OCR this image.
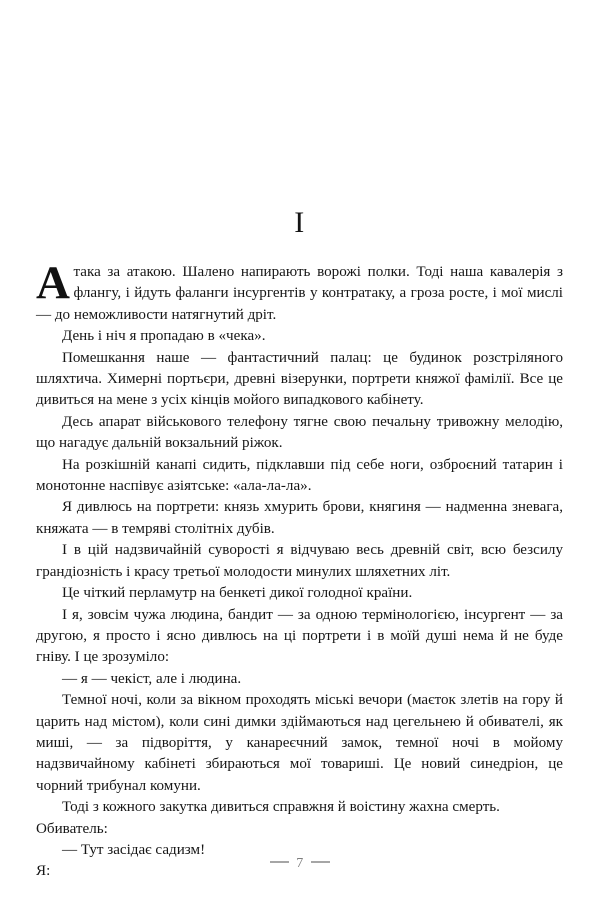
I

Атака за атакою. Шалено напирають ворожі полки. Тоді наша кавалерія з флангу, і йдуть фаланги інсургентів у контратаку, а гроза росте, і мої мислі — до неможливости натягнутий дріт.

День і ніч я пропадаю в «чека».

Помешкання наше — фантастичний палац: це будинок розстріляного шляхтича. Химерні портьєри, древні візерунки, портрети княжої фамілії. Все це дивиться на мене з усіх кінців мойого випадкового кабінету.

Десь апарат військового телефону тягне свою печальну тривожну мелодію, що нагадує дальній вокзальний ріжок.

На розкішній канапі сидить, підклавши під себе ноги, озброєний татарин і монотонне наспівує азіятське: «ала-ла-ла».

Я дивлюсь на портрети: князь хмурить брови, княгиня — надменна зневага, княжата — в темряві столітніх дубів.

І в цій надзвичайній суворості я відчуваю весь древній світ, всю безсилу грандіозність і красу третьої молодости минулих шляхетних літ.

Це чіткий перламутр на бенкеті дикої голодної країни.

І я, зовсім чужа людина, бандит — за одною термінологією, інсургент — за другою, я просто і ясно дивлюсь на ці портрети і в моїй душі нема й не буде гніву. І це зрозуміло:

— я — чекіст, але і людина.

Темної ночі, коли за вікном проходять міські вечори (маєток злетів на гору й царить над містом), коли сині димки здіймаються над цегельнею й обивателі, як миші, — за підворіття, у канареєчний замок, темної ночі в мойому надзвичайному кабінеті збираються мої товариші. Це новий синедріон, це чорний трибунал комуни.

Тоді з кожного закутка дивиться справжня й воістину жахна смерть.

Обиватель:

— Тут засідає садизм!

Я:	7
